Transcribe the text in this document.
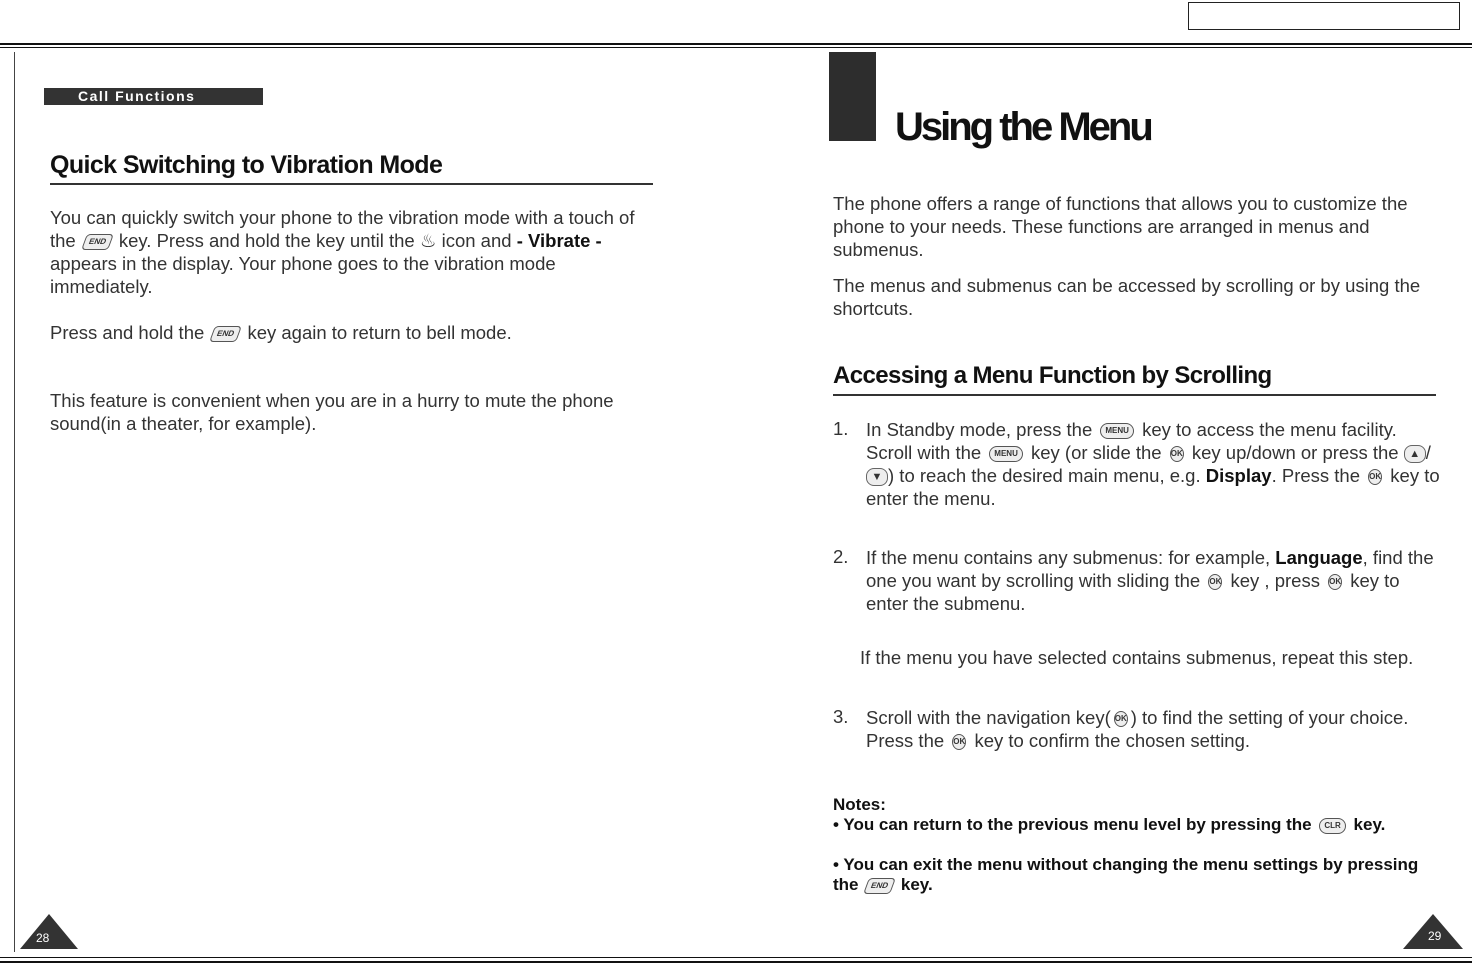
Call Functions
Quick Switching to Vibration Mode
You can quickly switch your phone to the vibration mode with a touch of the END key. Press and hold the key until the ♨ icon and - Vibrate - appears in the display. Your phone goes to the vibration mode immediately.
Press and hold the END key again to return to bell mode.
This feature is convenient when you are in a hurry to mute the phone sound(in a theater, for example).
28
Using the Menu
The phone offers a range of functions that allows you to customize the phone to your needs. These functions are arranged in menus and submenus.
The menus and submenus can be accessed by scrolling or by using the shortcuts.
Accessing a Menu Function by Scrolling
1. In Standby mode, press the MENU key to access the menu facility. Scroll with the MENU key (or slide the OK key up/down or press the ▲ / ▼ ) to reach the desired main menu, e.g. Display. Press the OK key to enter the menu.
2. If the menu contains any submenus: for example, Language, find the one you want by scrolling with sliding the OK key , press OK key to enter the submenu.
If the menu you have selected contains submenus, repeat this step.
3. Scroll with the navigation key( OK ) to find the setting of your choice. Press the OK key to confirm the chosen setting.
Notes:
• You can return to the previous menu level by pressing the CLR key.
• You can exit the menu without changing the menu settings by pressing the END key.
29
